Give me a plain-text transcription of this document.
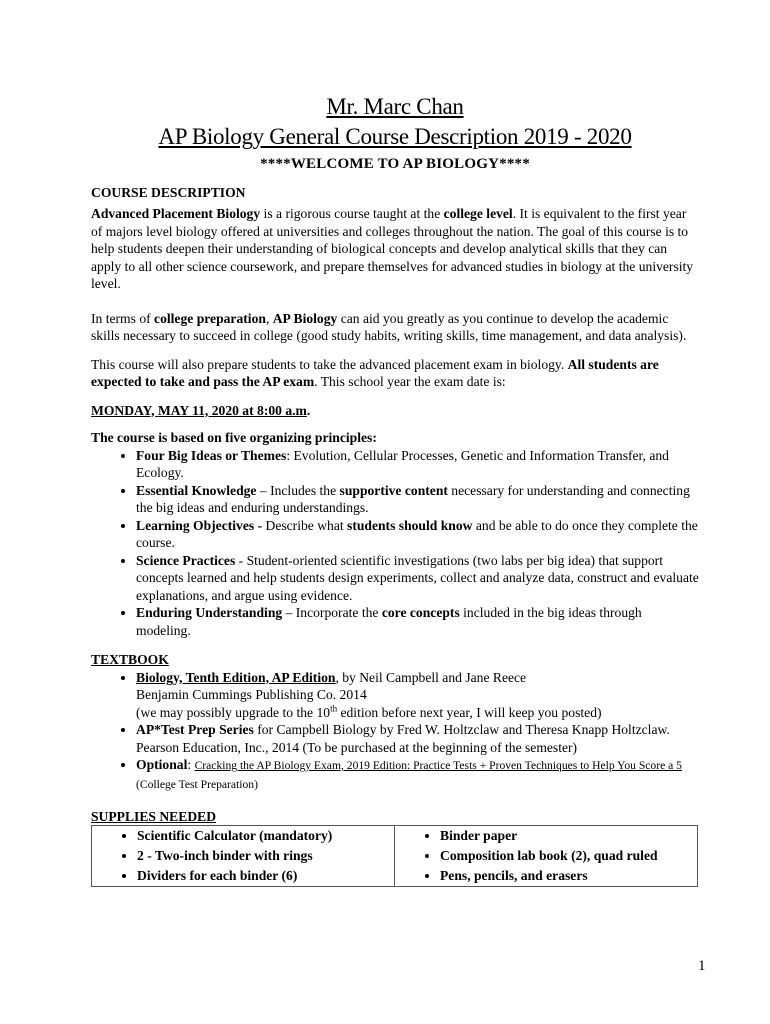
Mr. Marc Chan
AP Biology General Course Description 2019 - 2020
****WELCOME TO AP BIOLOGY****
COURSE DESCRIPTION

Advanced Placement Biology is a rigorous course taught at the college level. It is equivalent to the first year of majors level biology offered at universities and colleges throughout the nation. The goal of this course is to help students deepen their understanding of biological concepts and develop analytical skills that they can apply to all other science coursework, and prepare themselves for advanced studies in biology at the university level.

In terms of college preparation, AP Biology can aid you greatly as you continue to develop the academic skills necessary to succeed in college (good study habits, writing skills, time management, and data analysis).

This course will also prepare students to take the advanced placement exam in biology. All students are expected to take and pass the AP exam. This school year the exam date is:

MONDAY, MAY 11, 2020 at 8:00 a.m.

The course is based on five organizing principles:
• Four Big Ideas or Themes: Evolution, Cellular Processes, Genetic and Information Transfer, and Ecology.
• Essential Knowledge – Includes the supportive content necessary for understanding and connecting the big ideas and enduring understandings.
• Learning Objectives - Describe what students should know and be able to do once they complete the course.
• Science Practices - Student-oriented scientific investigations (two labs per big idea) that support concepts learned and help students design experiments, collect and analyze data, construct and evaluate explanations, and argue using evidence.
• Enduring Understanding – Incorporate the core concepts included in the big ideas through modeling.
TEXTBOOK
• Biology, Tenth Edition, AP Edition, by Neil Campbell and Jane Reece
Benjamin Cummings Publishing Co. 2014
(we may possibly upgrade to the 10th edition before next year, I will keep you posted)
• AP*Test Prep Series for Campbell Biology by Fred W. Holtzclaw and Theresa Knapp Holtzclaw. Pearson Education, Inc., 2014 (To be purchased at the beginning of the semester)
• Optional: Cracking the AP Biology Exam, 2019 Edition: Practice Tests + Proven Techniques to Help You Score a 5 (College Test Preparation)
SUPPLIES NEEDED
• Scientific Calculator (mandatory)
• 2 - Two-inch binder with rings
• Dividers for each binder (6)

• Binder paper
• Composition lab book (2), quad ruled
• Pens, pencils, and erasers
1
